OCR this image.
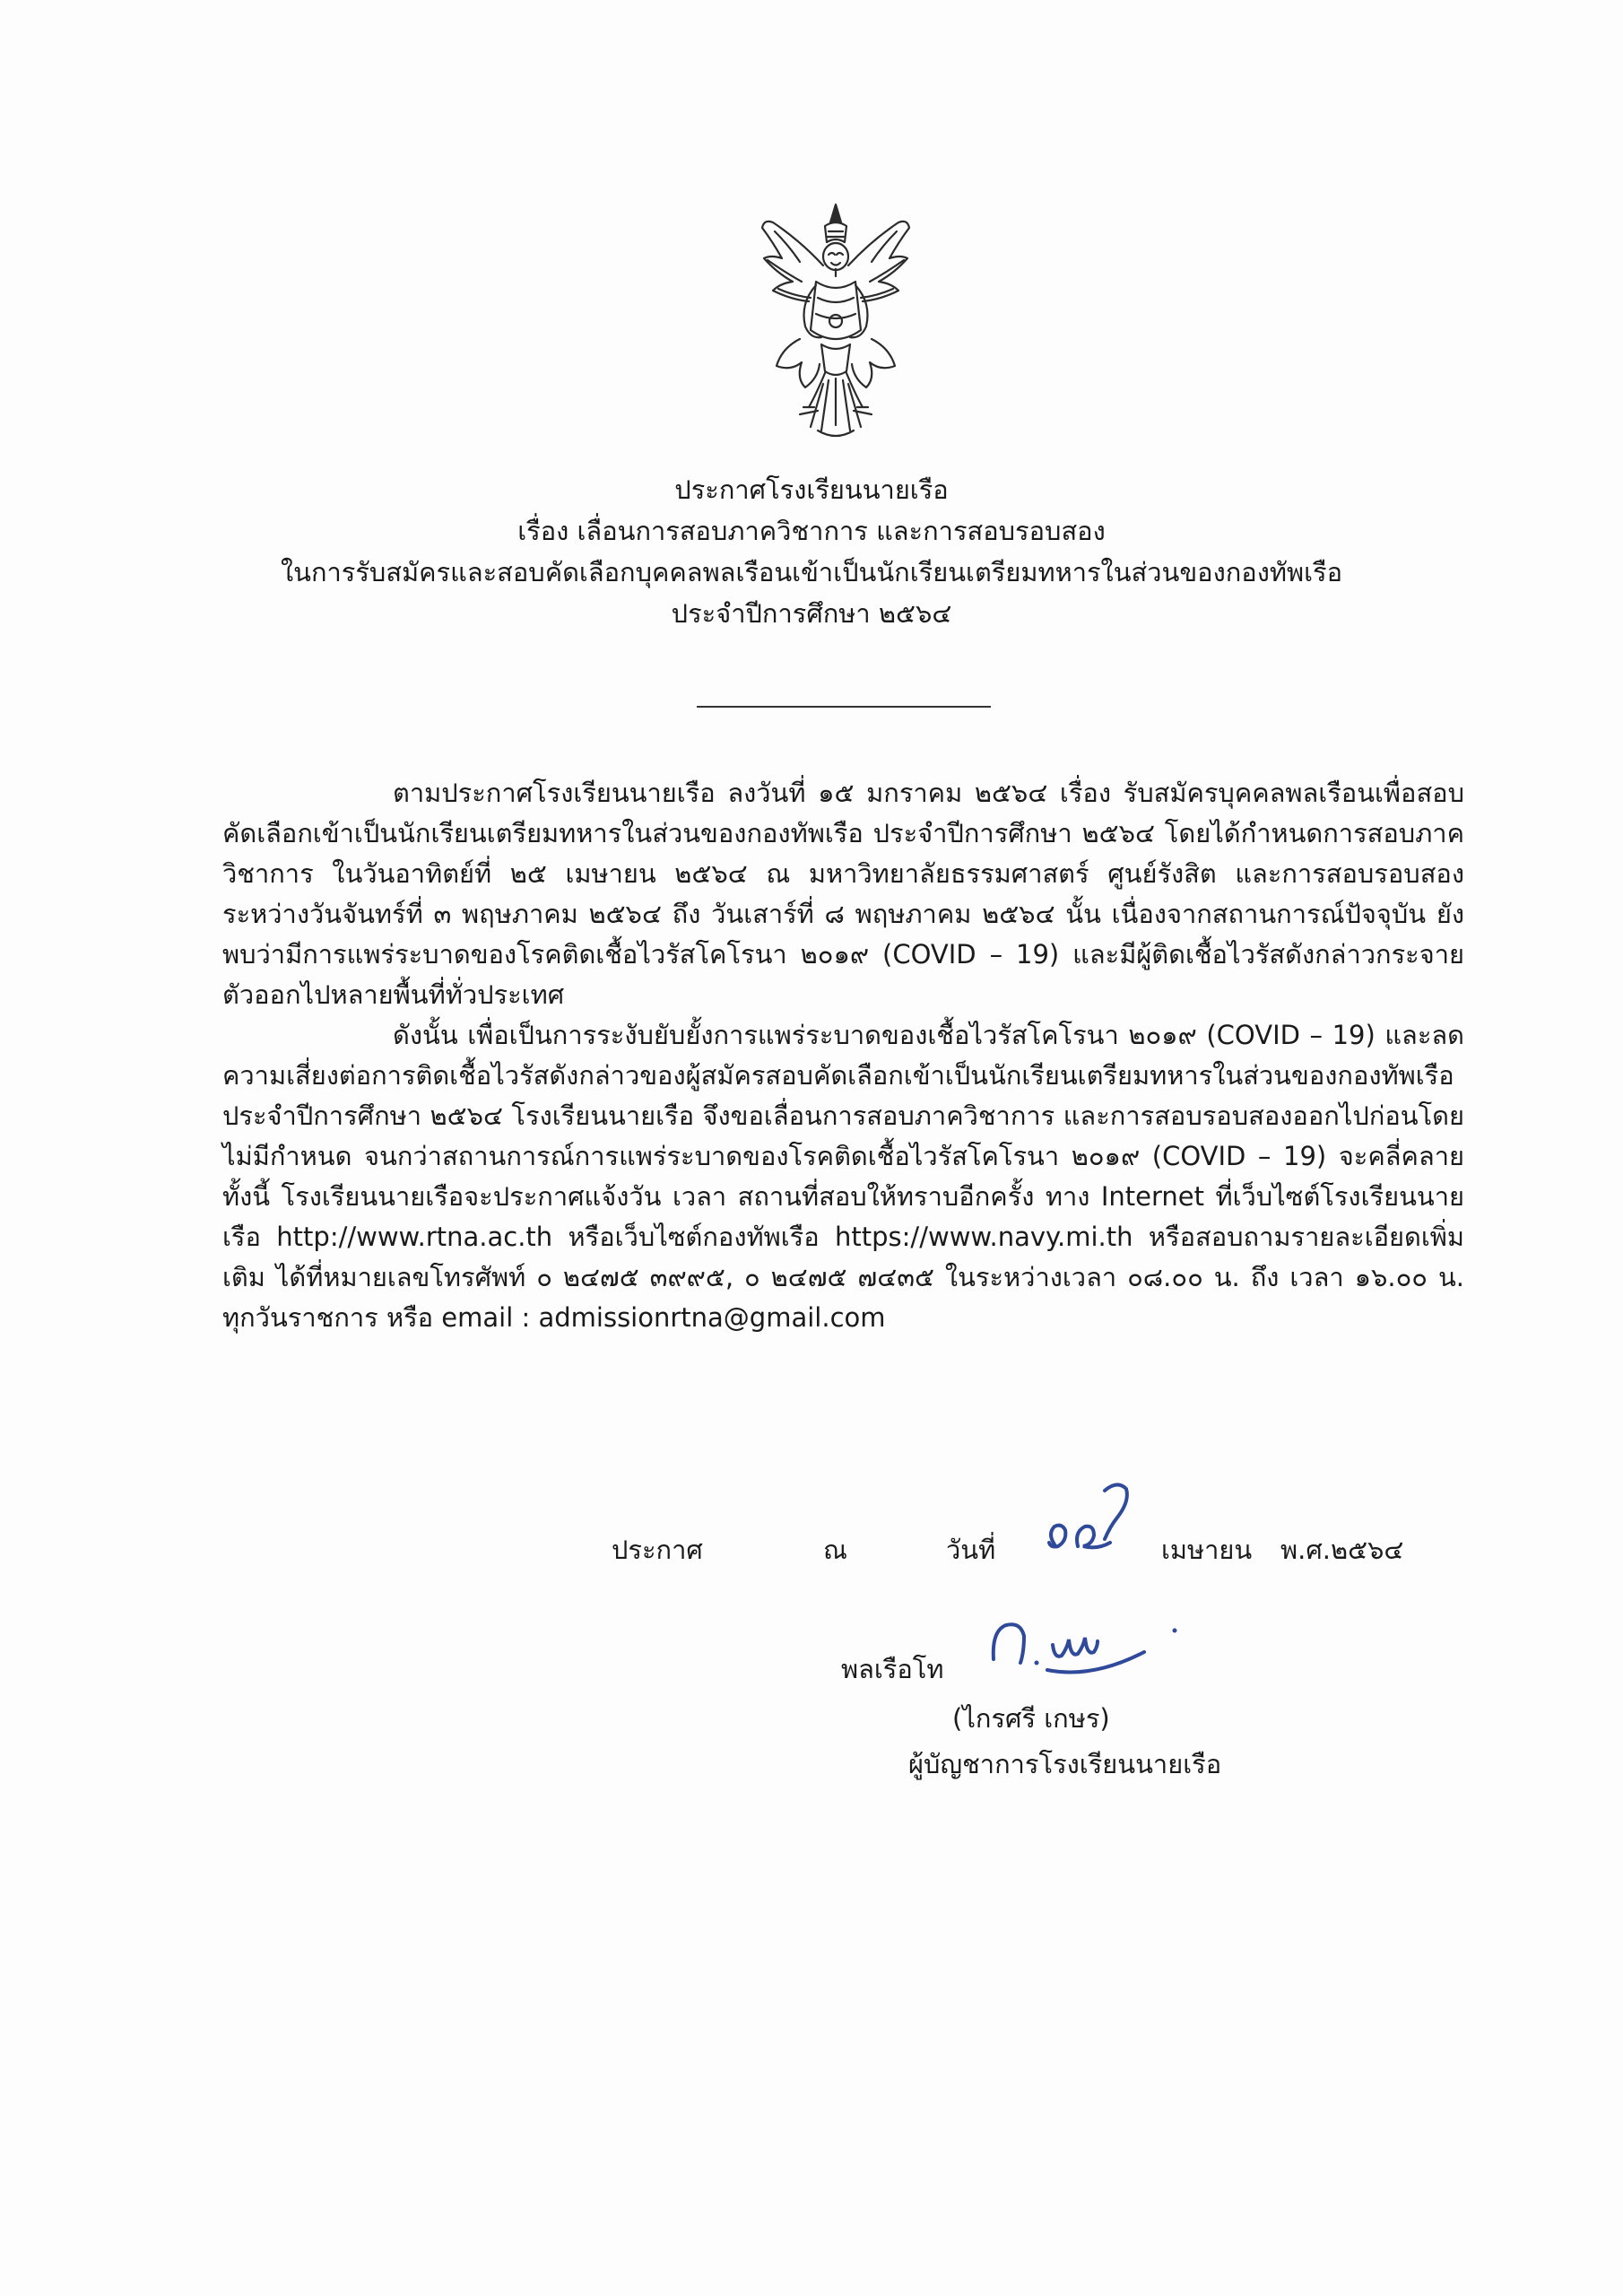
ประกาศโรงเรียนนายเรือ
เรื่อง เลื่อนการสอบภาควิชาการ และการสอบรอบสอง
ในการรับสมัครและสอบคัดเลือกบุคคลพลเรือนเข้าเป็นนักเรียนเตรียมทหารในส่วนของกองทัพเรือ
ประจำปีการศึกษา ๒๕๖๔

ตามประกาศโรงเรียนนายเรือ ลงวันที่ ๑๕ มกราคม ๒๕๖๔ เรื่อง รับสมัครบุคคลพลเรือนเพื่อสอบคัดเลือกเข้าเป็นนักเรียนเตรียมทหารในส่วนของกองทัพเรือ ประจำปีการศึกษา ๒๕๖๔ โดยได้กำหนดการสอบภาควิชาการ ในวันอาทิตย์ที่ ๒๕ เมษายน ๒๕๖๔ ณ มหาวิทยาลัยธรรมศาสตร์ ศูนย์รังสิต และการสอบรอบสอง ระหว่างวันจันทร์ที่ ๓ พฤษภาคม ๒๕๖๔ ถึง วันเสาร์ที่ ๘ พฤษภาคม ๒๕๖๔ นั้น เนื่องจากสถานการณ์ปัจจุบัน ยังพบว่ามีการแพร่ระบาดของโรคติดเชื้อไวรัสโคโรนา ๒๐๑๙ (COVID – 19) และมีผู้ติดเชื้อไวรัสดังกล่าวกระจายตัวออกไปหลายพื้นที่ทั่วประเทศ

ดังนั้น เพื่อเป็นการระงับยับยั้งการแพร่ระบาดของเชื้อไวรัสโคโรนา ๒๐๑๙ (COVID – 19) และลดความเสี่ยงต่อการติดเชื้อไวรัสดังกล่าวของผู้สมัครสอบคัดเลือกเข้าเป็นนักเรียนเตรียมทหารในส่วนของกองทัพเรือ ประจำปีการศึกษา ๒๕๖๔ โรงเรียนนายเรือ จึงขอเลื่อนการสอบภาควิชาการ และการสอบรอบสองออกไปก่อนโดยไม่มีกำหนด จนกว่าสถานการณ์การแพร่ระบาดของโรคติดเชื้อไวรัสโคโรนา ๒๐๑๙ (COVID – 19) จะคลี่คลาย ทั้งนี้ โรงเรียนนายเรือจะประกาศแจ้งวัน เวลา สถานที่สอบให้ทราบอีกครั้ง ทาง Internet ที่เว็บไซต์โรงเรียนนายเรือ http://www.rtna.ac.th หรือเว็บไซต์กองทัพเรือ https://www.navy.mi.th หรือสอบถามรายละเอียดเพิ่มเติม ได้ที่หมายเลขโทรศัพท์ ๐ ๒๔๗๕ ๓๙๙๕, ๐ ๒๔๗๕ ๗๔๓๕ ในระหว่างเวลา ๐๘.๐๐ น. ถึง เวลา ๑๖.๐๐ น. ทุกวันราชการ หรือ email : admissionrtna@gmail.com

ประกาศ	ณ	วันที่
๑๖
เมษายน พ.ศ.๒๕๖๔
พลเรือโท
(ไกรศรี เกษร)
ผู้บัญชาการโรงเรียนนายเรือ
